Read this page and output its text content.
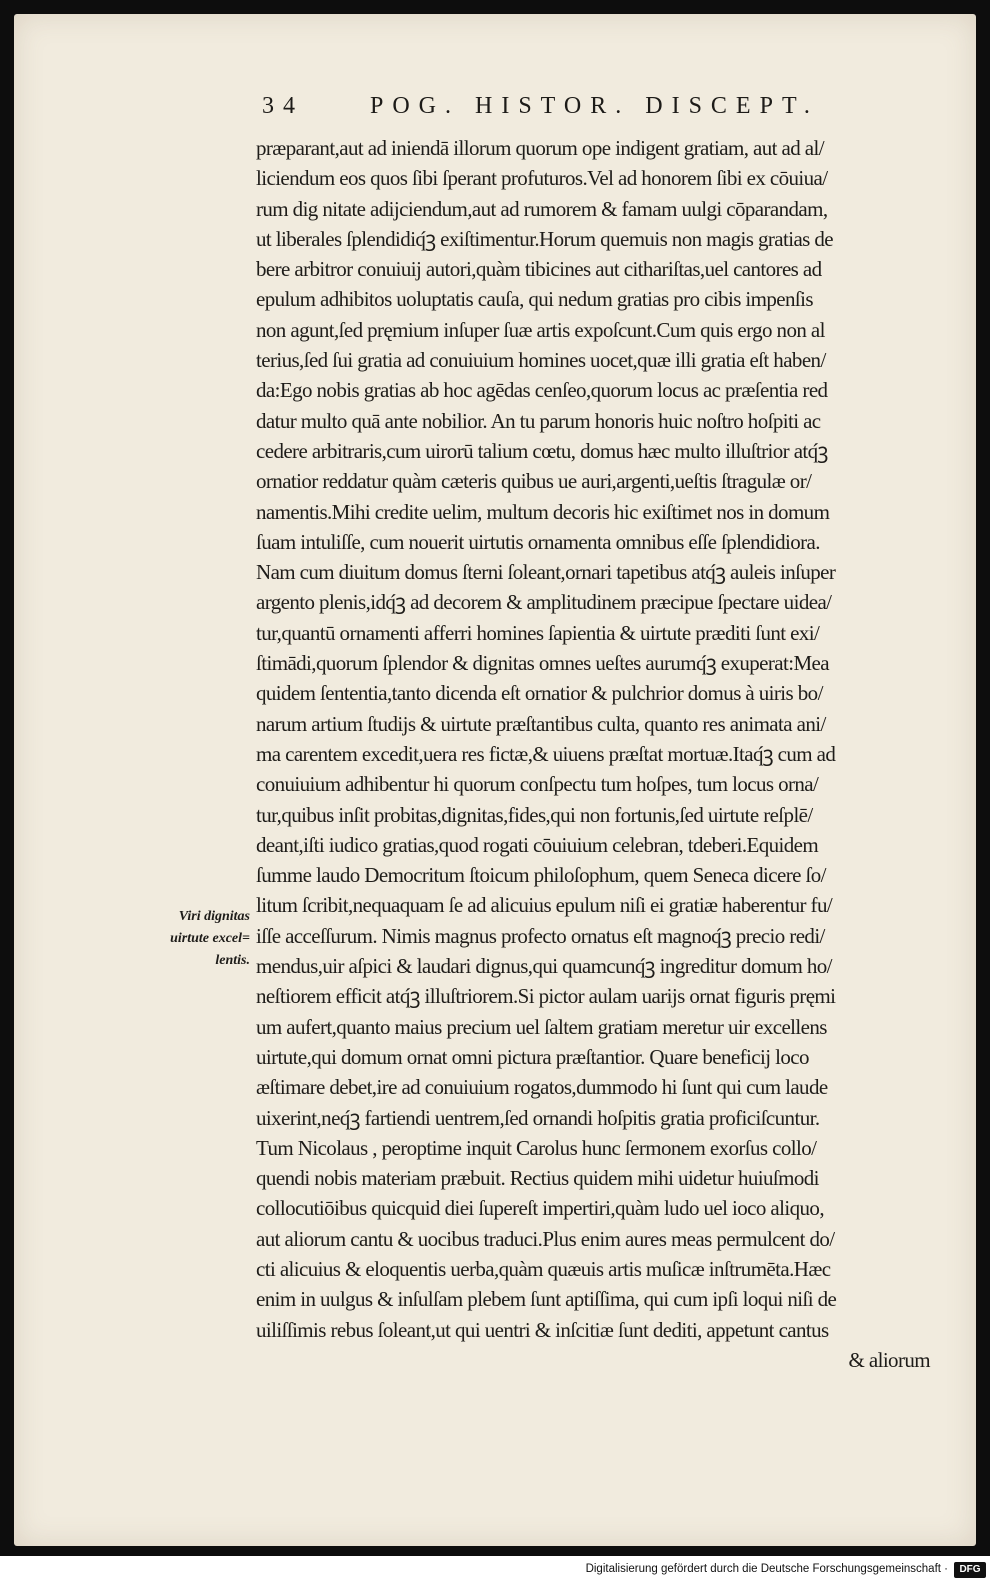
34	POG. HISTOR. DISCEPT.
præparant,aut ad iniendā illorum quorum ope indigent gratiam, aut ad al/
liciendum eos quos ſibi ſperant profuturos.Vel ad honorem ſibi ex cōuiua/
rum dig nitate adijciendum,aut ad rumorem & famam uulgi cōparandam,
ut liberales ſplendidiq́ꝫ exiſtimentur.Horum quemuis non magis gratias de
bere arbitror conuiuij autori,quàm tibicines aut cithariſtas,uel cantores ad
epulum adhibitos uoluptatis cauſa, qui nedum gratias pro cibis impenſis
non agunt,ſed pręmium inſuper ſuæ artis expoſcunt.Cum quis ergo non al
terius,ſed ſui gratia ad conuiuium homines uocet,quæ illi gratia eſt haben/
da:Ego nobis gratias ab hoc agēdas cenſeo,quorum locus ac præſentia red
datur multo quā ante nobilior. An tu parum honoris huic noſtro hoſpiti ac
cedere arbitraris,cum uirorū talium cœtu, domus hæc multo illuſtrior atq́ꝫ
ornatior reddatur quàm cæteris quibus ue auri,argenti,ueſtis ſtragulæ or/
namentis.Mihi credite uelim, multum decoris hic exiſtimet nos in domum
ſuam intuliſſe, cum nouerit uirtutis ornamenta omnibus eſſe ſplendidiora.
Nam cum diuitum domus ſterni ſoleant,ornari tapetibus atq́ꝫ auleis inſuper
argento plenis,idq́ꝫ ad decorem & amplitudinem præcipue ſpectare uidea/
tur,quantū ornamenti afferri homines ſapientia & uirtute præditi ſunt exi/
ſtimādi,quorum ſplendor & dignitas omnes ueſtes aurumq́ꝫ exuperat:Mea
quidem ſententia,tanto dicenda eſt ornatior & pulchrior domus à uiris bo/
narum artium ſtudijs & uirtute præſtantibus culta, quanto res animata ani/
ma carentem excedit,uera res fictæ,& uiuens præſtat mortuæ.Itaq́ꝫ cum ad
conuiuium adhibentur hi quorum conſpectu tum hoſpes, tum locus orna/
tur,quibus inſit probitas,dignitas,fides,qui non fortunis,ſed uirtute reſplē/
deant,iſti iudico gratias,quod rogati cōuiuium celebran, tdeberi.Equidem
ſumme laudo Democritum ſtoicum philoſophum, quem Seneca dicere ſo/
litum ſcribit,nequaquam ſe ad alicuius epulum niſi ei gratiæ haberentur fu/
iſſe acceſſurum. Nimis magnus profecto ornatus eſt magnoq́ꝫ precio redi/
mendus,uir aſpici & laudari dignus,qui quamcunq́ꝫ ingreditur domum ho/
neſtiorem efficit atq́ꝫ illuſtriorem.Si pictor aulam uarijs ornat figuris pręmi
um aufert,quanto maius precium uel ſaltem gratiam meretur uir excellens
uirtute,qui domum ornat omni pictura præſtantior. Quare beneficij loco
æſtimare debet,ire ad conuiuium rogatos,dummodo hi ſunt qui cum laude
uixerint,neq́ꝫ fartiendi uentrem,ſed ornandi hoſpitis gratia proficiſcuntur.
Tum Nicolaus , peroptime inquit Carolus hunc ſermonem exorſus collo/
quendi nobis materiam præbuit. Rectius quidem mihi uidetur huiuſmodi
collocutiōibus quicquid diei ſupereſt impertiri,quàm ludo uel ioco aliquo,
aut aliorum cantu & uocibus traduci.Plus enim aures meas permulcent do/
cti alicuius & eloquentis uerba,quàm quæuis artis muſicæ inſtrumēta.Hæc
enim in uulgus & inſulſam plebem ſunt aptiſſima, qui cum ipſi loqui niſi de
uiliſſimis rebus ſoleant,ut qui uentri & inſcitiæ ſunt dediti, appetunt cantus
& aliorum
Viri dignitas
uirtute excel=
lentis.
Digitalisierung gefördert durch die Deutsche Forschungsgemeinschaft ·	DFG
